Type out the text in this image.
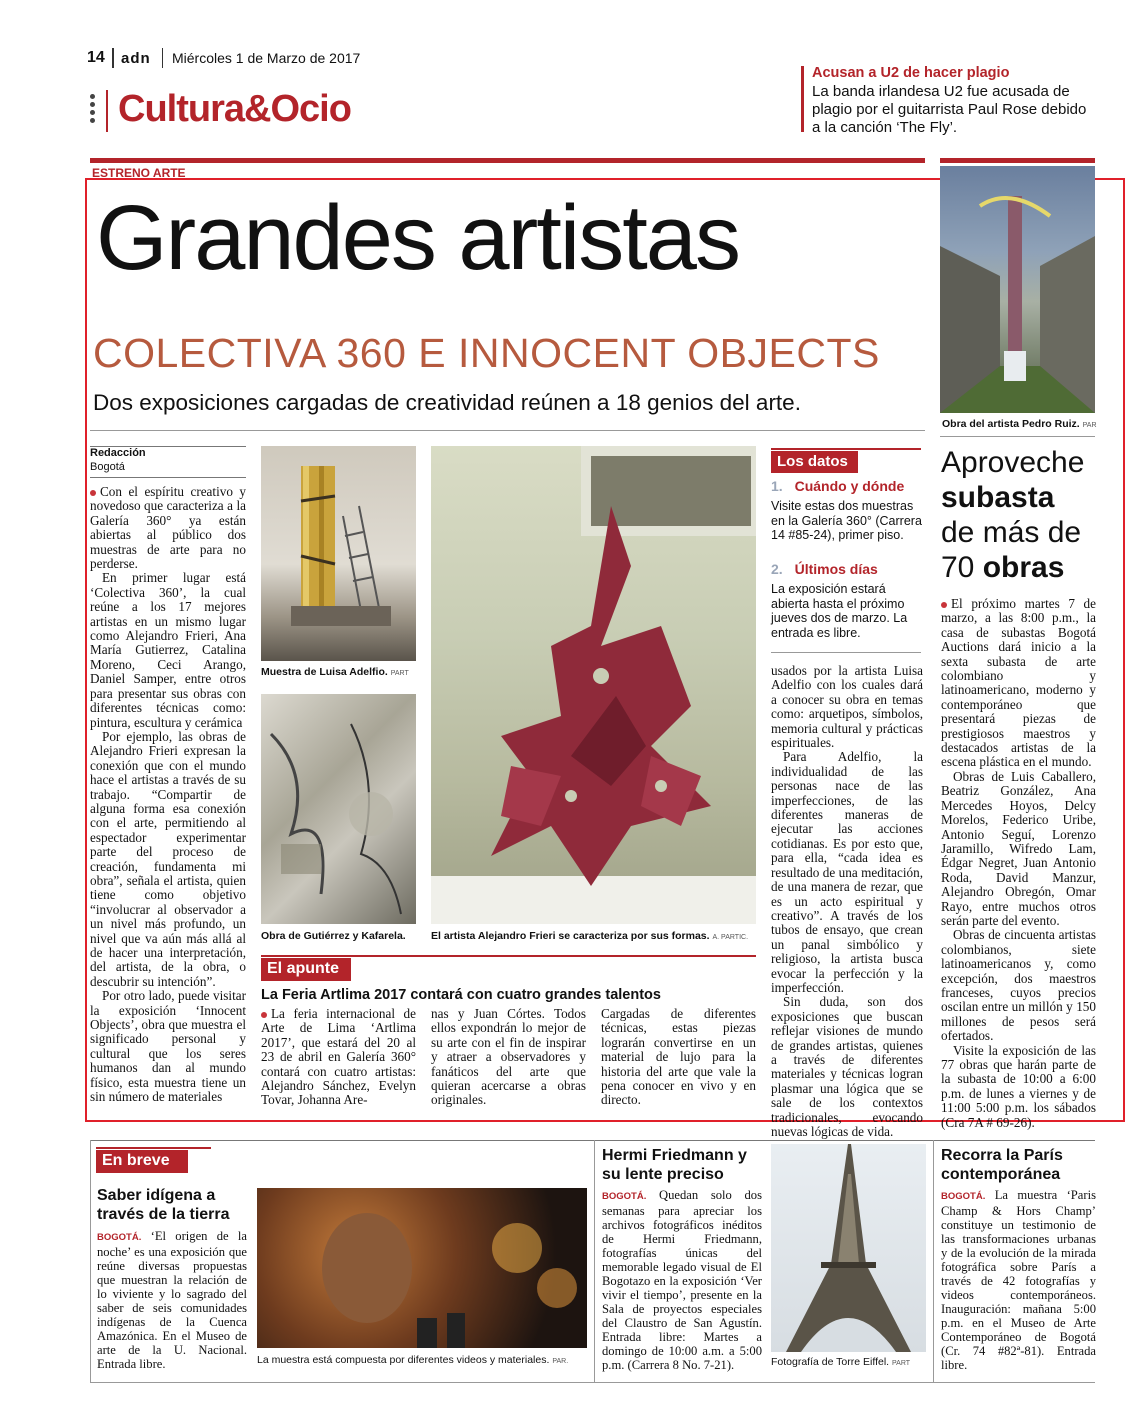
14 adn Miércoles 1 de Marzo de 2017
Cultura&Ocio
Acusan a U2 de hacer plagio
La banda irlandesa U2 fue acusada de plagio por el guitarrista Paul Rose debido a la canción ‘The Fly’.
ESTRENO ARTE
Grandes artistas
COLECTIVA 360 E INNOCENT OBJECTS
Dos exposiciones cargadas de creatividad reúnen a 18 genios del arte.
Redacción
Bogotá

Con el espíritu creativo y novedoso que caracteriza a la Galería 360° ya están abiertas al público dos muestras de arte para no perderse.

En primer lugar está ‘Colectiva 360’, la cual reúne a los 17 mejores artistas en un mismo lugar como Alejandro Frieri, Ana María Gutierrez, Catalina Moreno, Ceci Arango, Daniel Samper, entre otros para presentar sus obras con diferentes técnicas como: pintura, escultura y cerámica

Por ejemplo, las obras de Alejandro Frieri expresan la conexión que con el mundo hace el artistas a través de su trabajo. “Compartir de alguna forma esa conexión con el arte, permitiendo al espectador experimentar parte del proceso de creación, fundamenta mi obra”, señala el artista, quien tiene como objetivo “involucrar al observador a un nivel más profundo, un nivel que va aún más allá al de hacer una interpretación, del artista, de la obra, o descubrir su intención”.

Por otro lado, puede visitar la exposición ‘Innocent Objects’, obra que muestra el significado personal y cultural que los seres humanos dan al mundo físico, esta muestra tiene un sin número de materiales

Muestra de Luisa Adelfio. PART
Obra de Gutiérrez y Kafarela.	El artista Alejandro Frieri se caracteriza por sus formas. A. PARTIC.
Los datos
1. Cuándo y dónde
Visite estas dos muestras en la Galería 360° (Carrera 14 #85-24), primer piso.
2. Últimos días
La exposición estará abierta hasta el próximo jueves dos de marzo. La entrada es libre.

usados por la artista Luisa Adelfio con los cuales dará a conocer su obra en temas como: arquetipos, símbolos, memoria cultural y prácticas espirituales.

Para Adelfio, la individualidad de las personas nace de las imperfecciones, de las diferentes maneras de ejecutar las acciones cotidianas. Es por esto que, para ella, “cada idea es resultado de una meditación, de una manera de rezar, que es un acto espiritual y creativo”. A través de los tubos de ensayo, que crean un panal simbólico y religioso, la artista busca evocar la perfección y la imperfección.

Sin duda, son dos exposiciones que buscan reflejar visiones de mundo de grandes artistas, quienes a través de diferentes materiales y técnicas logran plasmar una lógica que se sale de los contextos tradicionales, evocando nuevas lógicas de vida.

El apunte
La Feria Artlima 2017 contará con cuatro grandes talentos

La feria internacional de Arte de Lima ‘Artlima 2017’, que estará del 20 al 23 de abril en Galería 360° contará con cuatro artistas: Alejandro Sánchez, Evelyn Tovar, Johanna Are-

nas y Juan Córtes. Todos ellos expondrán lo mejor de su arte con el fin de inspirar y atraer a observadores y fanáticos del arte que quieran acercarse a obras originales.

Cargadas de diferentes técnicas, estas piezas lograrán convertirse en un material de lujo para la historia del arte que vale la pena conocer en vivo y en directo.

Obra del artista Pedro Ruiz. PAR
Aproveche
subasta
de más de
70 obras

El próximo martes 7 de marzo, a las 8:00 p.m., la casa de subastas Bogotá Auctions dará inicio a la sexta subasta de arte colombiano y latinoamericano, moderno y contemporáneo que presentará piezas de prestigiosos maestros y destacados artistas de la escena plástica en el mundo.

Obras de Luis Caballero, Beatriz González, Ana Mercedes Hoyos, Delcy Morelos, Federico Uribe, Antonio Seguí, Lorenzo Jaramillo, Wifredo Lam, Édgar Negret, Juan Antonio Roda, David Manzur, Alejandro Obregón, Omar Rayo, entre muchos otros serán parte del evento.

Obras de cincuenta artistas colombianos, siete latinoamericanos y, como excepción, dos maestros franceses, cuyos precios oscilan entre un millón y 150 millones de pesos será ofertados.

Visite la exposición de las 77 obras que harán parte de la subasta de 10:00 a 6:00 p.m. de lunes a viernes y de 11:00 5:00 p.m. los sábados (Cra 7A # 69-26).

En breve
Saber idígena a través de la tierra

BOGOTÁ. ‘El origen de la noche’ es una exposición que reúne diversas propuestas que muestran la relación de lo viviente y lo sagrado del saber de seis comunidades indígenas de la Cuenca Amazónica. En el Museo de arte de la U. Nacional. Entrada libre.	La muestra está compuesta por diferentes videos y materiales. PAR.
Hermi Friedmann y su lente preciso

BOGOTÁ. Quedan solo dos semanas para apreciar los archivos fotográficos inéditos de Hermi Friedmann, fotografías únicas del memorable legado visual de El Bogotazo en la exposición ‘Ver vivir el tiempo’, presente en la Sala de proyectos especiales del Claustro de San Agustín. Entrada libre: Martes a domingo de 10:00 a.m. a 5:00 p.m. (Carrera 8 No. 7-21).	Fotografía de Torre Eiffel. PART
Recorra la París contemporánea

BOGOTÁ. La muestra ‘Paris Champ & Hors Champ’ constituye un testimonio de las transformaciones urbanas y de la evolución de la mirada fotográfica sobre París a través de 42 fotografías y videos contemporáneos. Inauguración: mañana 5:00 p.m. en el Museo de Arte Contemporáneo de Bogotá (Cr. 74 #82ª-81). Entrada libre.
